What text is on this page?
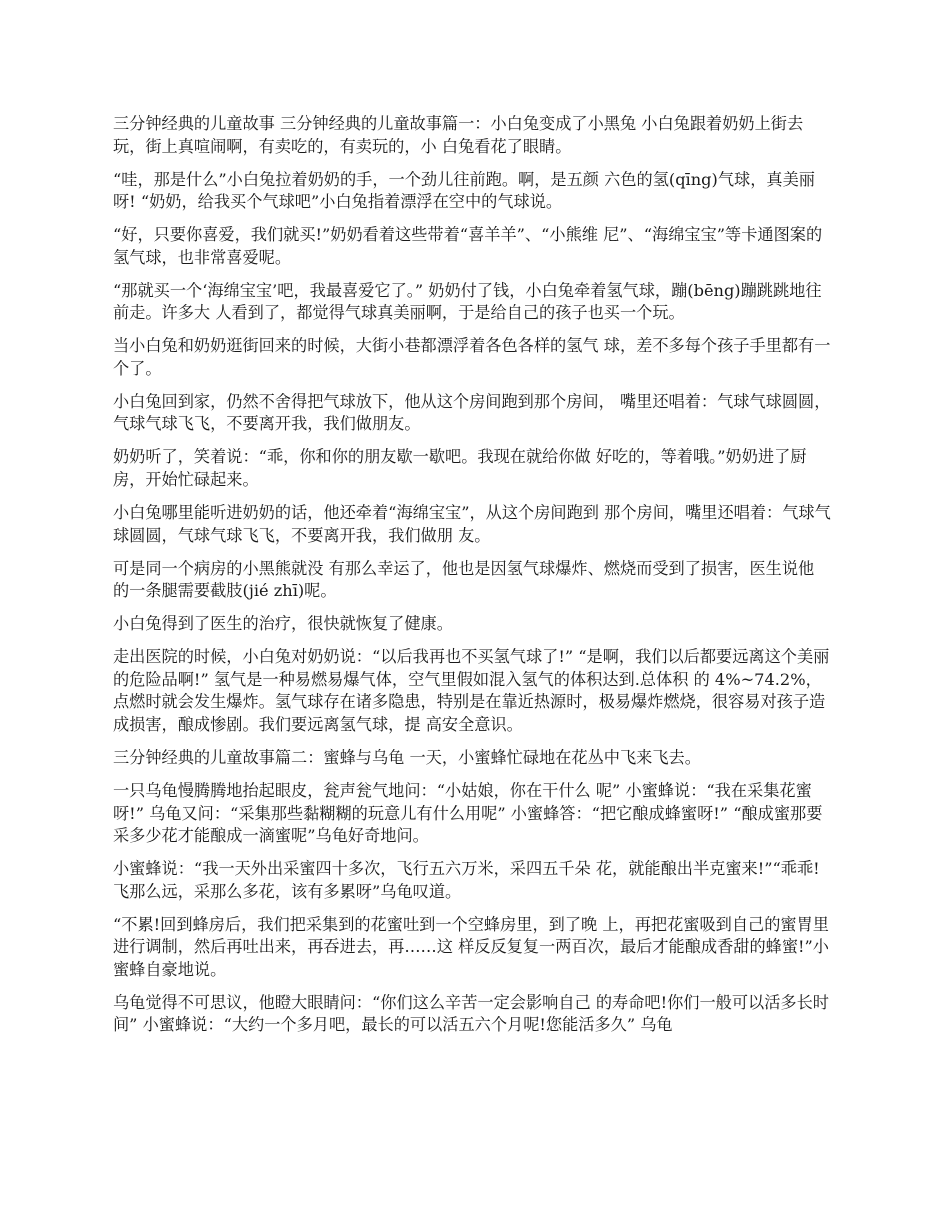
三分钟经典的儿童故事 三分钟经典的儿童故事篇一：小白兔变成了小黑兔 小白兔跟着奶奶上街去玩，街上真喧闹啊，有卖吃的，有卖玩的，小 白兔看花了眼睛。

“哇，那是什么”小白兔拉着奶奶的手，一个劲儿往前跑。啊，是五颜 六色的氢(qīng)气球，真美丽呀! “奶奶，给我买个气球吧”小白兔指着漂浮在空中的气球说。

“好，只要你喜爱，我们就买!”奶奶看着这些带着“喜羊羊”、“小熊维 尼”、“海绵宝宝”等卡通图案的氢气球，也非常喜爱呢。

“那就买一个‘海绵宝宝’吧，我最喜爱它了。” 奶奶付了钱，小白兔牵着氢气球，蹦(bēng)蹦跳跳地往前走。许多大 人看到了，都觉得气球真美丽啊，于是给自己的孩子也买一个玩。

当小白兔和奶奶逛街回来的时候，大街小巷都漂浮着各色各样的氢气 球，差不多每个孩子手里都有一个了。

小白兔回到家，仍然不舍得把气球放下，他从这个房间跑到那个房间， 嘴里还唱着：气球气球圆圆，气球气球飞飞，不要离开我，我们做朋友。

奶奶听了，笑着说：“乖，你和你的朋友歇一歇吧。我现在就给你做 好吃的，等着哦。”奶奶进了厨房，开始忙碌起来。

小白兔哪里能听进奶奶的话，他还牵着“海绵宝宝”，从这个房间跑到 那个房间，嘴里还唱着：气球气球圆圆，气球气球飞飞，不要离开我，我们做朋 友。

可是同一个病房的小黑熊就没 有那么幸运了，他也是因氢气球爆炸、燃烧而受到了损害，医生说他 的一条腿需要截肢(jié zhī)呢。

小白兔得到了医生的治疗，很快就恢复了健康。

走出医院的时候，小白兔对奶奶说：“以后我再也不买氢气球了!” “是啊，我们以后都要远离这个美丽的危险品啊!” 氢气是一种易燃易爆气体，空气里假如混入氢气的体积达到.总体积 的 4%~74.2%，点燃时就会发生爆炸。氢气球存在诸多隐患，特别是在靠近热源时，极易爆炸燃烧，很容易对孩子造成损害，酿成惨剧。我们要远离氢气球，提 高安全意识。

三分钟经典的儿童故事篇二：蜜蜂与乌龟 一天，小蜜蜂忙碌地在花丛中飞来飞去。

一只乌龟慢腾腾地抬起眼皮，瓮声瓮气地问：“小姑娘，你在干什么 呢” 小蜜蜂说：“我在采集花蜜呀!” 乌龟又问：“采集那些黏糊糊的玩意儿有什么用呢” 小蜜蜂答：“把它酿成蜂蜜呀!” “酿成蜜那要采多少花才能酿成一滴蜜呢”乌龟好奇地问。

小蜜蜂说：“我一天外出采蜜四十多次，飞行五六万米，采四五千朵 花，就能酿出半克蜜来!”“乖乖!飞那么远，采那么多花，该有多累呀”乌龟叹道。

“不累!回到蜂房后，我们把采集到的花蜜吐到一个空蜂房里，到了晚 上，再把花蜜吸到自己的蜜胃里进行调制，然后再吐出来，再吞进去，再……这 样反反复复一两百次，最后才能酿成香甜的蜂蜜!”小蜜蜂自豪地说。

乌龟觉得不可思议，他瞪大眼睛问：“你们这么辛苦一定会影响自己 的寿命吧!你们一般可以活多长时间” 小蜜蜂说：“大约一个多月吧，最长的可以活五六个月呢!您能活多久” 乌龟
